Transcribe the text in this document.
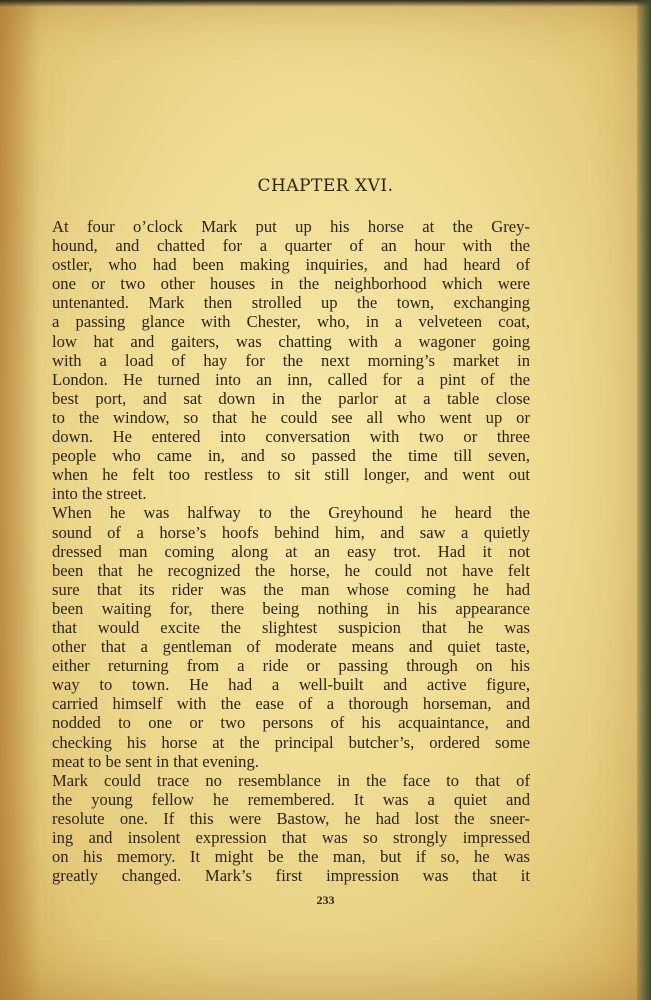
CHAPTER XVI.
At four o’clock Mark put up his horse at the Grey-
hound, and chatted for a quarter of an hour with the
ostler, who had been making inquiries, and had heard of
one or two other houses in the neighborhood which were
untenanted. Mark then strolled up the town, exchanging
a passing glance with Chester, who, in a velveteen coat,
low hat and gaiters, was chatting with a wagoner going
with a load of hay for the next morning’s market in
London. He turned into an inn, called for a pint of the
best port, and sat down in the parlor at a table close
to the window, so that he could see all who went up or
down. He entered into conversation with two or three
people who came in, and so passed the time till seven,
when he felt too restless to sit still longer, and went out
into the street.
When he was halfway to the Greyhound he heard the
sound of a horse’s hoofs behind him, and saw a quietly
dressed man coming along at an easy trot. Had it not
been that he recognized the horse, he could not have felt
sure that its rider was the man whose coming he had
been waiting for, there being nothing in his appearance
that would excite the slightest suspicion that he was
other that a gentleman of moderate means and quiet taste,
either returning from a ride or passing through on his
way to town. He had a well-built and active figure,
carried himself with the ease of a thorough horseman, and
nodded to one or two persons of his acquaintance, and
checking his horse at the principal butcher’s, ordered some
meat to be sent in that evening.
Mark could trace no resemblance in the face to that of
the young fellow he remembered. It was a quiet and
resolute one. If this were Bastow, he had lost the sneer-
ing and insolent expression that was so strongly impressed
on his memory. It might be the man, but if so, he was
greatly changed. Mark’s first impression was that it
233
